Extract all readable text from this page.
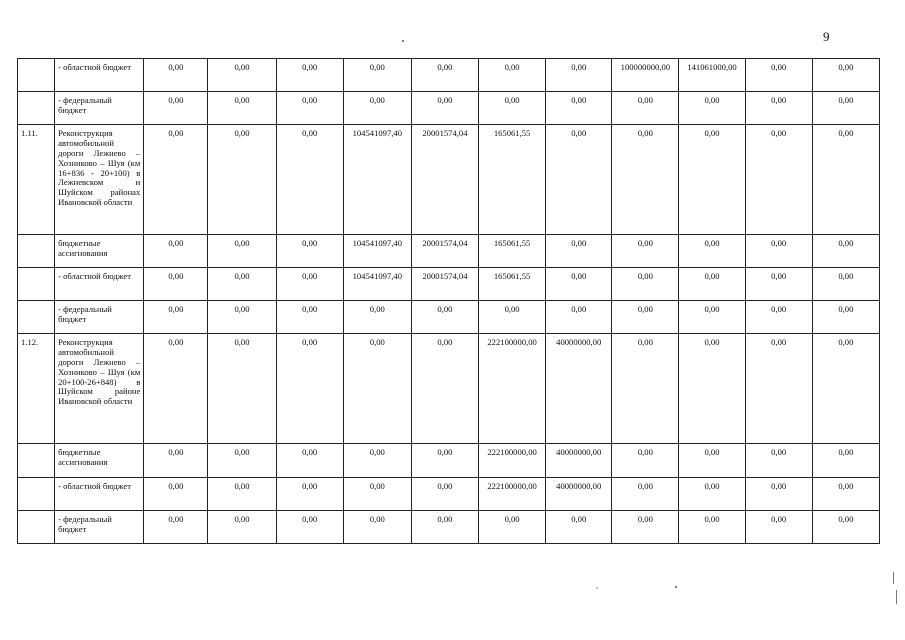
9
	- областной бюджет	0,00	0,00	0,00	0,00	0,00	0,00	0,00	100000000,00	141061000,00	0,00	0,00
	- федеральный бюджет	0,00	0,00	0,00	0,00	0,00	0,00	0,00	0,00	0,00	0,00	0,00
1.11.	Реконструкция автомобильной дороги Лежнево – Хозниково – Шуя (км 16+836 - 20+100) в Лежневском и Шуйском районах Ивановской области	0,00	0,00	0,00	104541097,40	20001574,04	165061,55	0,00	0,00	0,00	0,00	0,00
	бюджетные ассигнования	0,00	0,00	0,00	104541097,40	20001574,04	165061,55	0,00	0,00	0,00	0,00	0,00
	- областной бюджет	0,00	0,00	0,00	104541097,40	20001574,04	165061,55	0,00	0,00	0,00	0,00	0,00
	- федеральный бюджет	0,00	0,00	0,00	0,00	0,00	0,00	0,00	0,00	0,00	0,00	0,00
1.12.	Реконструкция автомобильной дороги Лежнево – Хозниково – Шуя (км 20+100-26+848) в Шуйском районе Ивановской области	0,00	0,00	0,00	0,00	0,00	222100000,00	40000000,00	0,00	0,00	0,00	0,00
	бюджетные ассигнования	0,00	0,00	0,00	0,00	0,00	222100000,00	40000000,00	0,00	0,00	0,00	0,00
	- областной бюджет	0,00	0,00	0,00	0,00	0,00	222100000,00	40000000,00	0,00	0,00	0,00	0,00
	- федеральный бюджет	0,00	0,00	0,00	0,00	0,00	0,00	0,00	0,00	0,00	0,00	0,00
